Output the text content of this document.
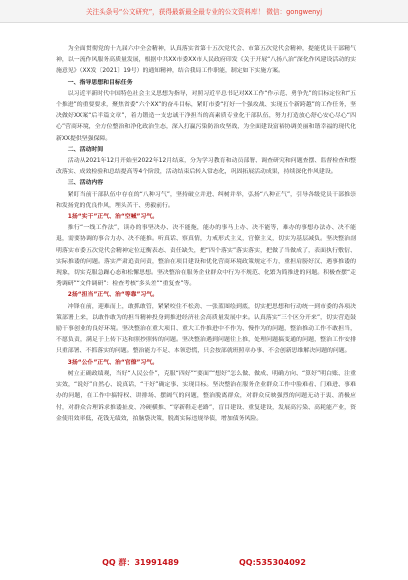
关注头条号“公文研究”，获得最新最全最专业的公文资料库！ 微信：gongwenyj

为全面贯彻党的十九届六中全会精神，认真落实省第十五次党代会、市第五次党代会精神，提能优员干部精气神，以一流作风服务高质量发展，根据中共XX市委XX市人民政府印发《关于开展“八扬八治”深化作风建设活动的实施意见》（XX发〔2021〕19号）的通知精神，结合我局工作职能，制定如下实施方案。

一、指导思想和目标任务

以习近平新时代中国特色社会主义思想为指导，对照习近平总书记对XX工作“作示范、勇争先”的目标定位和“五个推进”的重要要求，聚焦省委“六个XX”的奋斗目标，紧盯市委“打好一个强攻战、实现五个新跨越”的工作任务，坚决做好XX案“后半篇文章”，着力锻造一支忠诚干净担当的高素质专业化干部队伍，努力打造放心舒心安心尽心“四心”营商环境，全方位整治和净化政治生态，深入打赢污染防治攻坚战，为全面建设富裕协调美丽和谐幸福的现代化新XX提供坚强保障。

二、活动时间

活动从2021年12月开始至2022年12月结束，分为学习教育和动员部署、调查研究和问题查摆、监督检查和整改落实、成效检验和总结提高等4个阶段，活动结束后转入常态化，巩固拓展活动成果，持续深化作风建设。

三、活动内容

紧盯当前干部队伍中存在的“八种习气”，坚持破立并进、纠树并举，弘扬“八种正气”，引导各级党员干部推崇和发扬党的优良作风，埋头苦干、勇毅前行。

1扬“实干”正气、治“空喊”习气。

推行“一线工作法”，读办的事坚决办、决不能拖，能办的事马上办、决不能等，难办的事想办法办、决不能退，需要协调的事合力办、决不能推。听真话、察真情，力戒形式主义，官僚主义，切实为基层减负。坚决整治剖明落实市委五次党代会精神定位迂衡表态、责任缺失，把“四个落实”落实落实，把做了当做成了，表面执行敷衍、实际推诿的问题。落实严肃追责问责，整治在项目建设和优化营商环境政策规定不力，重担肩膀好汉、遇事推诿的现象，切实克服急躁心态和松懈思想。坚决整治在服务企业群众中行为不规范、化繁为简推进的问题。积极查摆“走秀调研”“文件调研”：检查考核“多头差”“重复查”等。

2扬“担当”正气、治“等靠”习气。

冲锋在前，迎难而上，敢抓敢管，紧紧咬住不松劲、一张蓝图绘到底，切实把思想和行动统一到市委的各项决策部署上来，以敢作敢为的担当精神投身到推进经济社会高质量发展中来。认真落实“三个区分开来”，切实营造鼓励干事创业的良好环境。坚决整治在重大项目、重大工作推进中不作为、慢作为的问题，整治推动工作不敢担当，不愿负责，满足于上传下达和照抄照转的问题。坚决整治遇到问题往上推，处理问题搞变通的问题，整治工作安排只重部署、不抓落实的问题。整治能力不足、本领恐慌，只会按部就班照章办事、不会创新思维解决问题的问题。

3扬“公仆”正气、治“官僚”习气。

树立正确政绩观，当好“人民公仆”，克服“四好”“要面”“想好”怎么做、做成、明确方向、“算好”明白账、注重实效，“说好”自然心、说真话，“干好”确定事、实现目标。坚决整治在服务企业群众工作中脸难看、门难进、事难办的问题，在工作中搞特权、讲排场、摆阔气的问题，整治脱离群众，对群众反映强烈的问题无动于衷、消极应付，对群众合理诉求推诿扯皮、冷硬横推、“穿新鞋走老路”，盲目建设、重复建设，发展高污染、高耗能产业，资金使用效率低，花钱无绩效，拍脑袋决策，脱离实际违规举债，增加债务风险。

QQ 群：31991489	QQ:535304092
